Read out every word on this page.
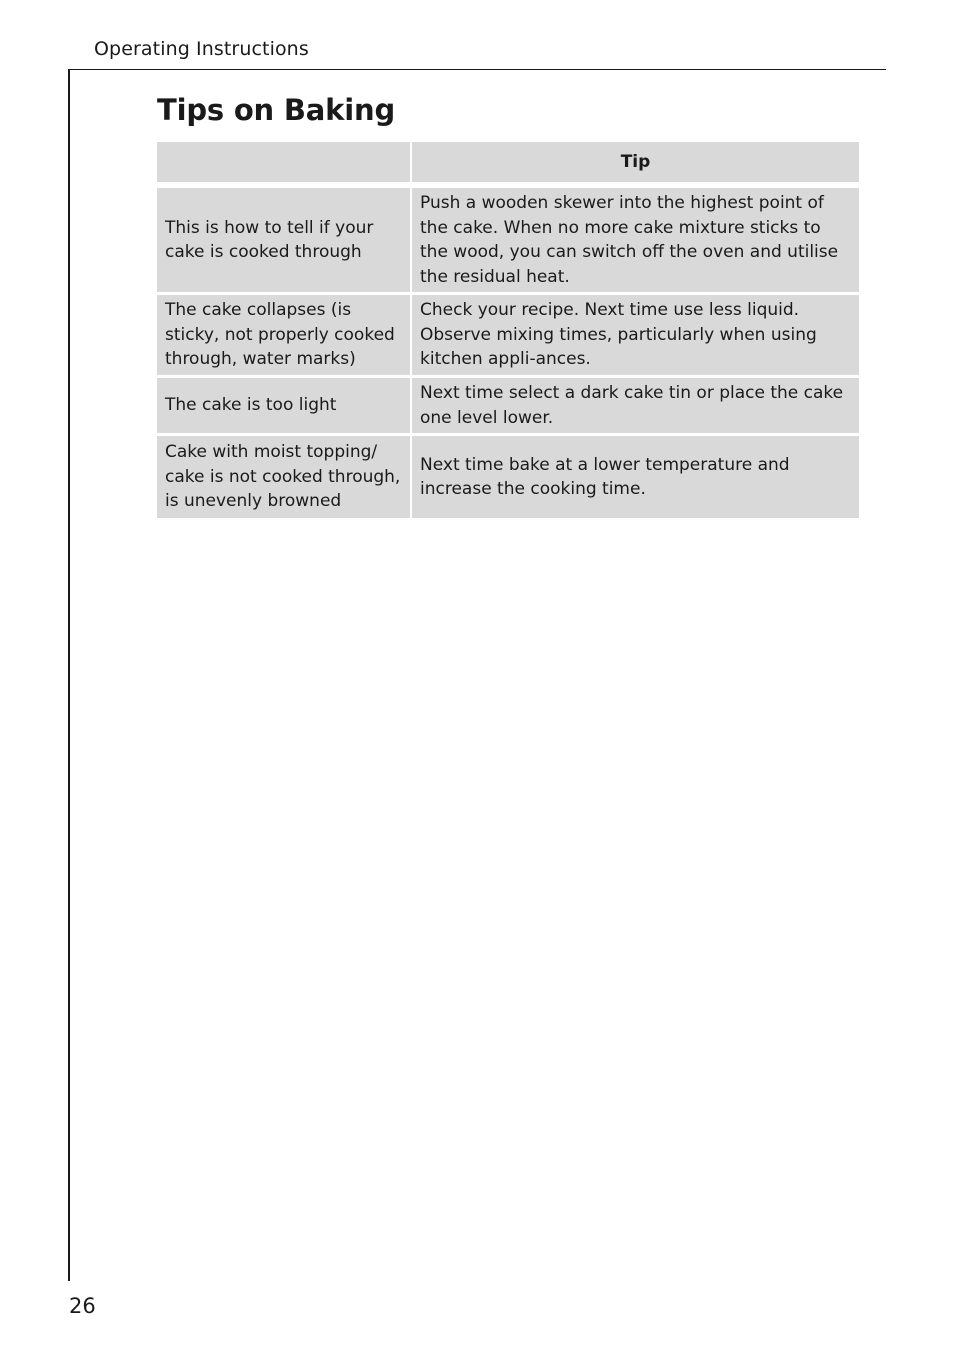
Operating Instructions
Tips on Baking
	Tip
This is how to tell if your cake is cooked through	Push a wooden skewer into the highest point of the cake. When no more cake mixture sticks to the wood, you can switch off the oven and utilise the residual heat.
The cake collapses (is sticky, not properly cooked through, water marks)	Check your recipe. Next time use less liquid. Observe mixing times, particularly when using kitchen appli-ances.
The cake is too light	Next time select a dark cake tin or place the cake one level lower.
Cake with moist topping/ cake is not cooked through, is unevenly browned	Next time bake at a lower temperature and increase the cooking time.
26
